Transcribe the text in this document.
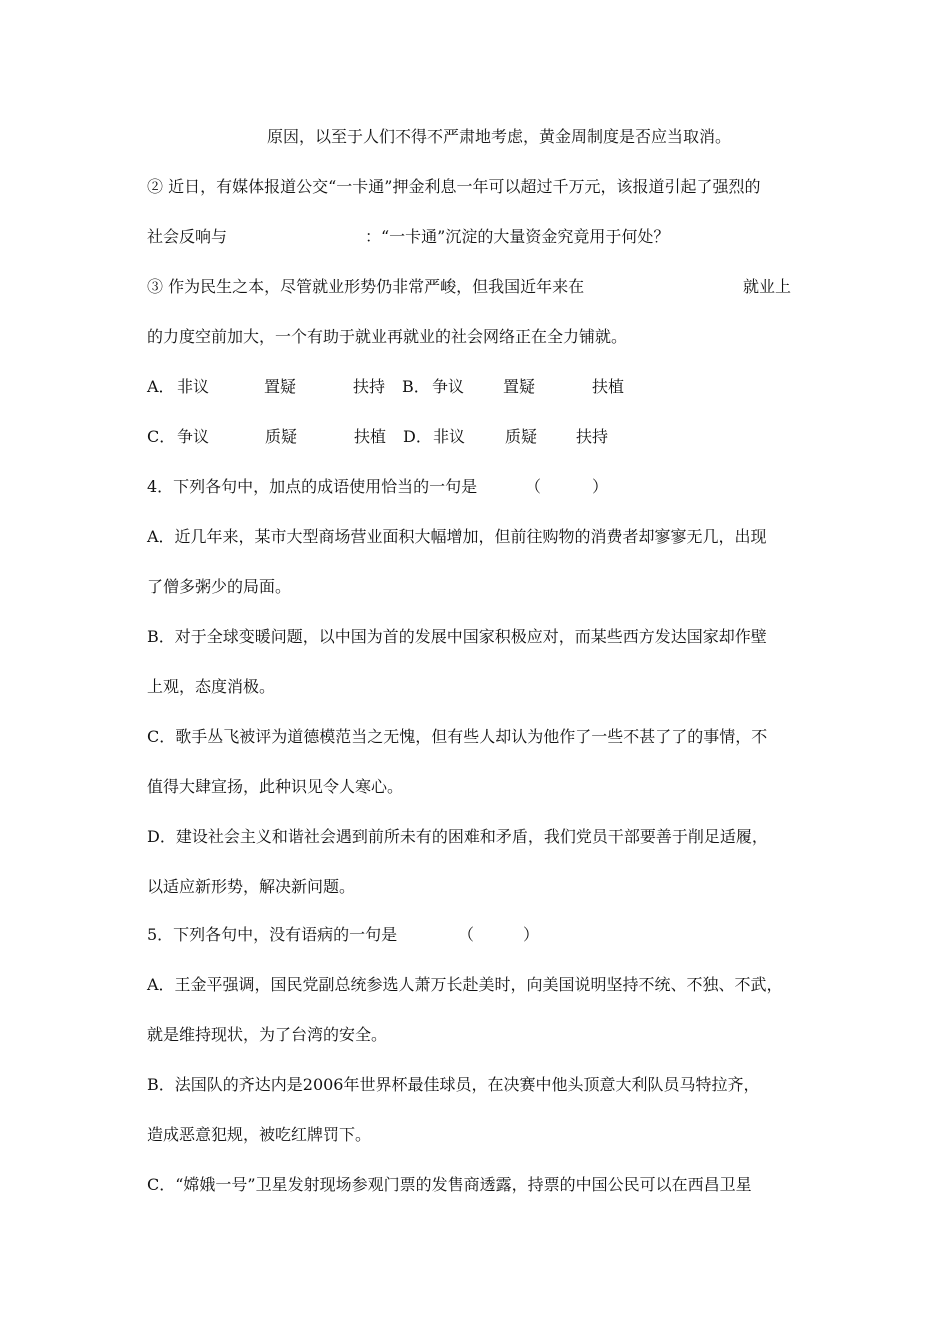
原因，以至于人们不得不严肃地考虑，黄金周制度是否应当取消。
② 近日，有媒体报道公交“一卡通”押金利息一年可以超过千万元，该报道引起了强烈的
社会反响与	：“一卡通”沉淀的大量资金究竟用于何处？
③ 作为民生之本，尽管就业形势仍非常严峻，但我国近年来在	就业上
的力度空前加大，一个有助于就业再就业的社会网络正在全力铺就。
A． 非议	置疑	扶持 B． 争议 置疑	扶植
C． 争议	质疑	扶植 D． 非议 质疑 扶持
4．下列各句中，加点的成语使用恰当的一句是	（	）
A．近几年来，某市大型商场营业面积大幅增加，但前往购物的消费者却寥寥无几，出现
了僧多粥少的局面。
B．对于全球变暖问题，以中国为首的发展中国家积极应对，而某些西方发达国家却作壁
上观，态度消极。
C．歌手丛飞被评为道德模范当之无愧，但有些人却认为他作了一些不甚了了的事情，不
值得大肆宣扬，此种识见令人寒心。
D．建设社会主义和谐社会遇到前所未有的困难和矛盾，我们党员干部要善于削足适履，
以适应新形势，解决新问题。
5．下列各句中，没有语病的一句是	（	）
A．王金平强调，国民党副总统参选人萧万长赴美时，向美国说明坚持不统、不独、不武，
就是维持现状，为了台湾的安全。
B．法国队的齐达内是2006年世界杯最佳球员，在决赛中他头顶意大利队员马特拉齐，
造成恶意犯规，被吃红牌罚下。
C．“嫦娥一号”卫星发射现场参观门票的发售商透露，持票的中国公民可以在西昌卫星
